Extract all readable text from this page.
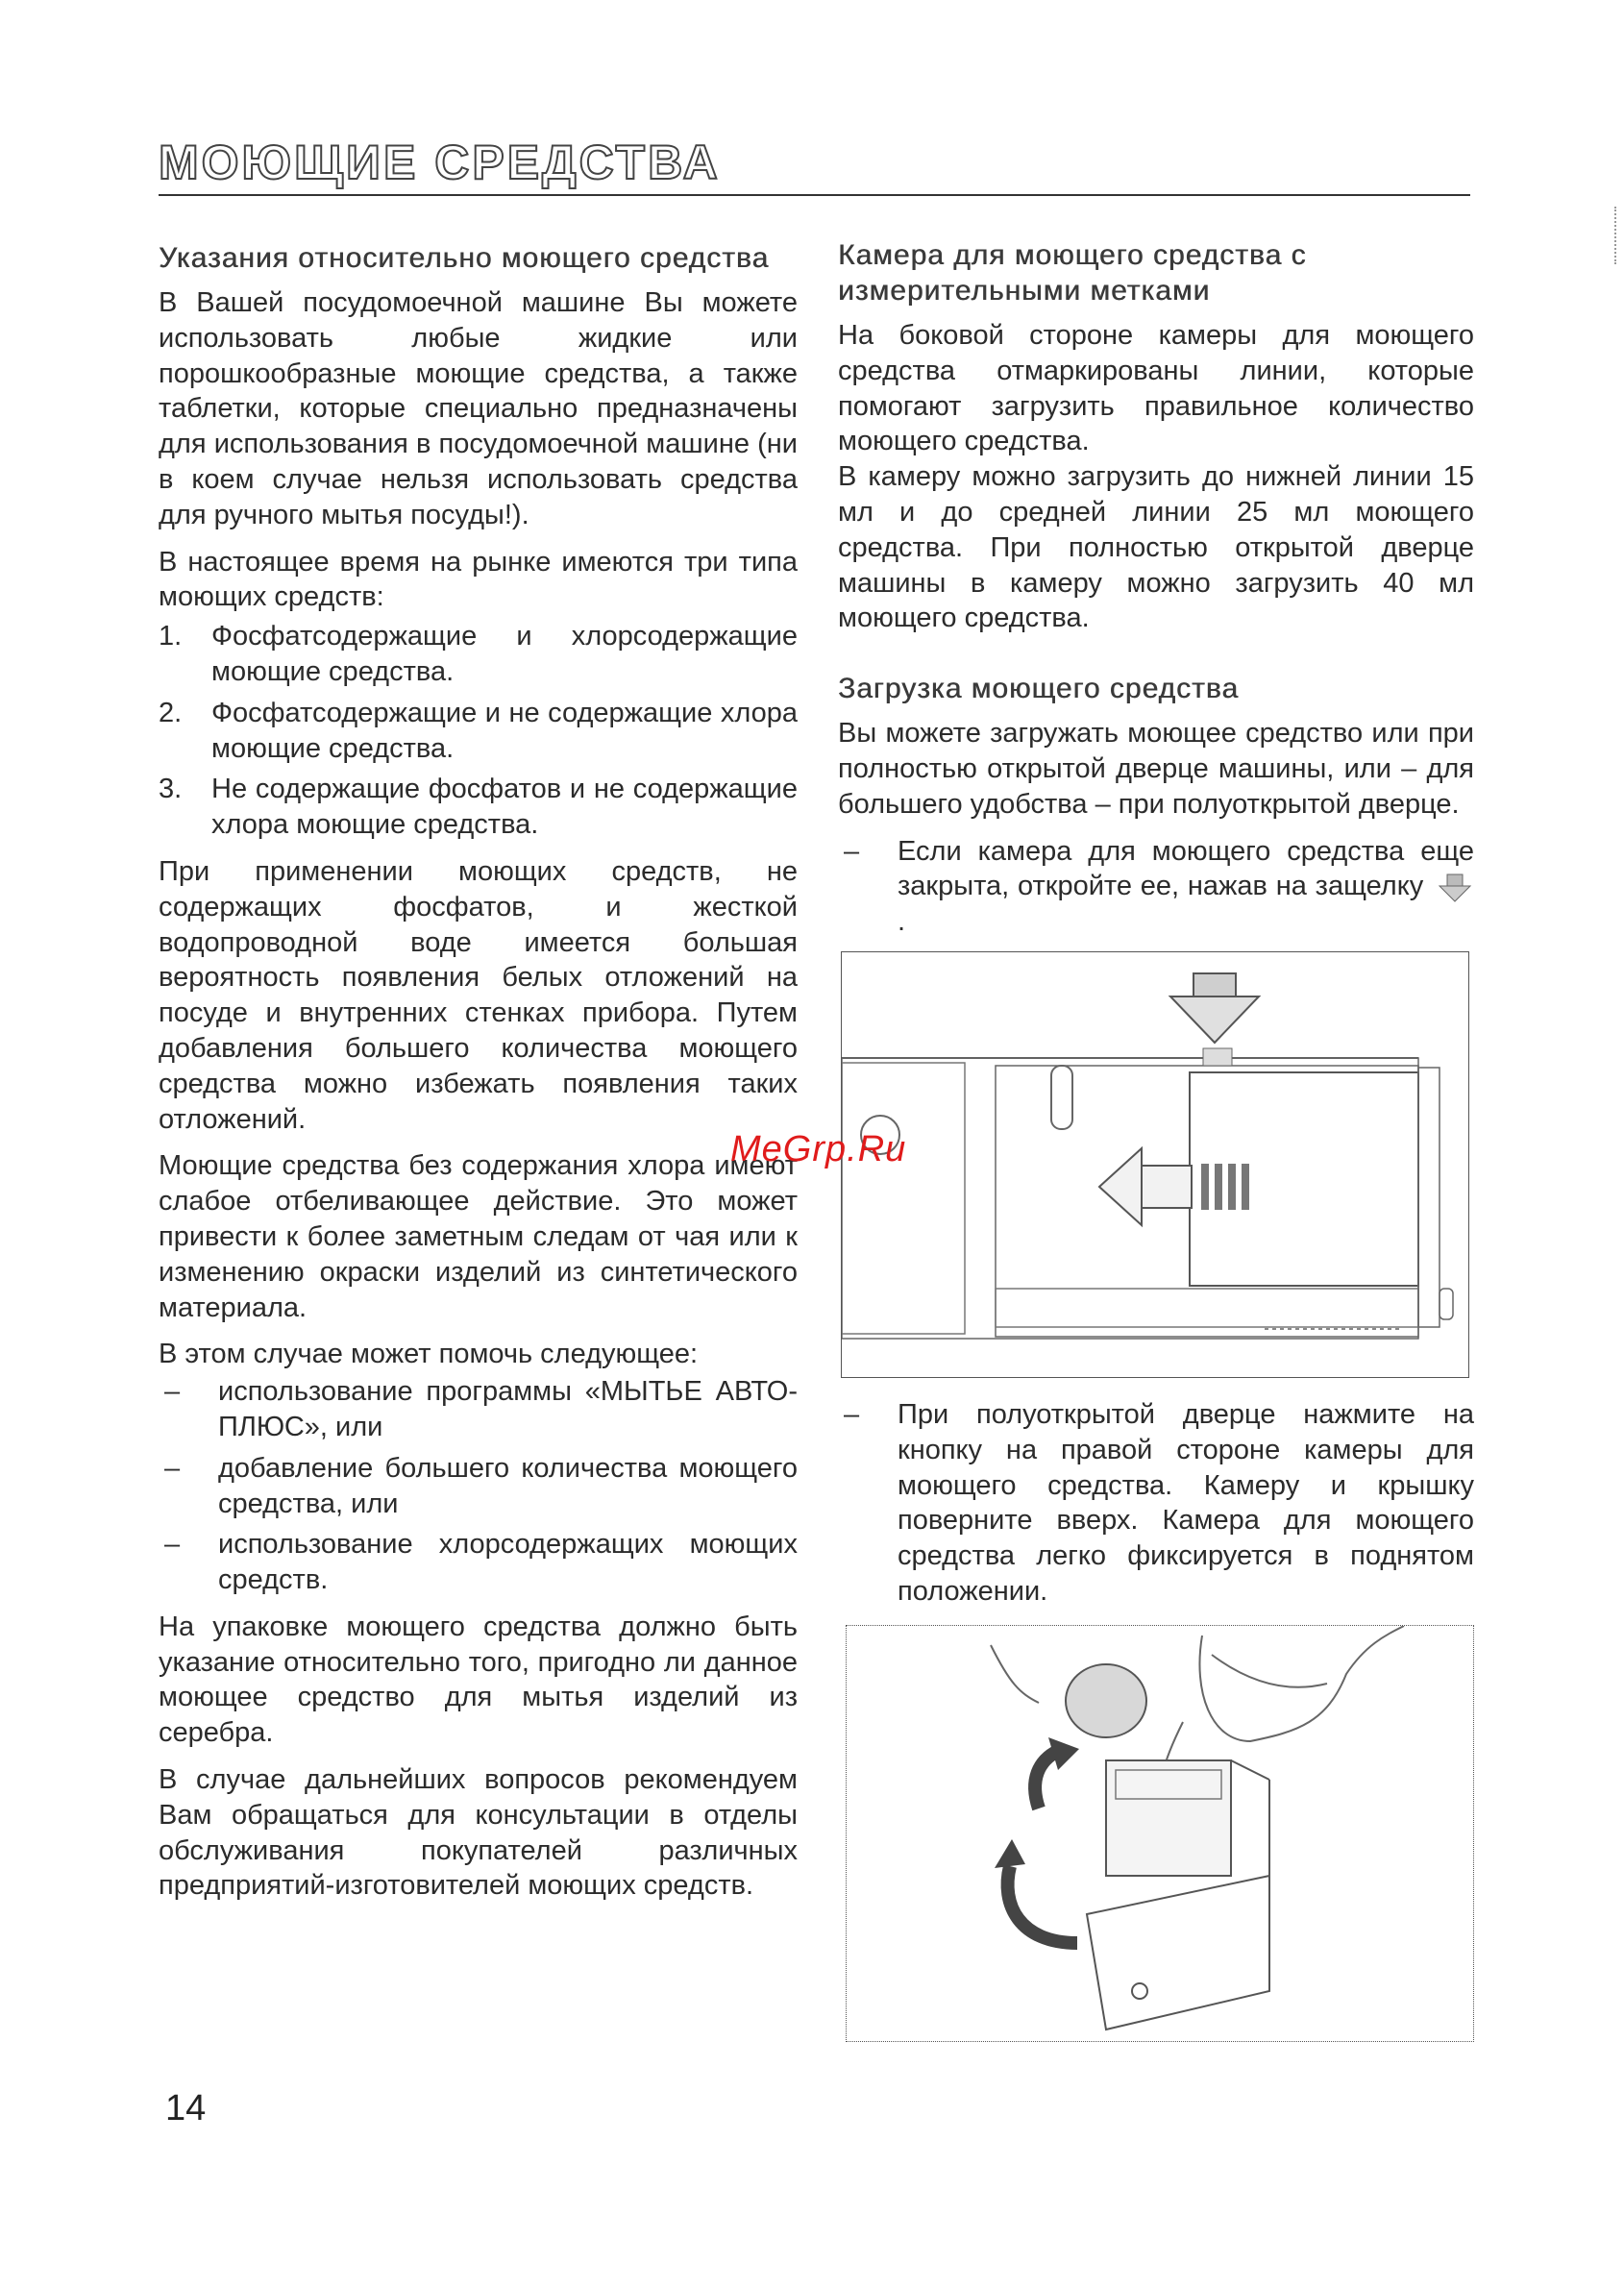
МОЮЩИЕ СРЕДСТВА
Указания относительно моющего средства

В Вашей посудомоечной машине Вы можете использовать любые жидкие или порошкообразные моющие средства, а также таблетки, которые специально предназначены для использования в посудомоечной машине (ни в коем случае нельзя использовать средства для ручного мытья посуды!).

В настоящее время на рынке имеются три типа моющих средств:

1. Фосфатсодержащие и хлорсодержащие моющие средства.
2. Фосфатсодержащие и не содержащие хлора моющие средства.
3. Не содержащие фосфатов и не содержащие хлора моющие средства.

При применении моющих средств, не содержащих фосфатов, и жесткой водопроводной воде имеется большая вероятность появления белых отложений на посуде и внутренних стенках прибора. Путем добавления большего количества моющего средства можно избежать появления таких отложений.

Моющие средства без содержания хлора имеют слабое отбеливающее действие. Это может привести к более заметным следам от чая или к изменению окраски изделий из синтетического материала.

В этом случае может помочь следующее:

– использование программы «МЫТЬЕ АВТО-ПЛЮС», или
– добавление большего количества моющего средства, или
– использование хлорсодержащих моющих средств.

На упаковке моющего средства должно быть указание относительно того, пригодно ли данное моющее средство для мытья изделий из серебра.

В случае дальнейших вопросов рекомендуем Вам обращаться для консультации в отделы обслуживания покупателей различных предприятий-изготовителей моющих средств.

Камера для моющего средства с измерительными метками

На боковой стороне камеры для моющего средства отмаркированы линии, которые помогают загрузить правильное количество моющего средства.

В камеру можно загрузить до нижней линии 15 мл и до средней линии 25 мл моющего средства. При полностью открытой дверце машины в камеру можно загрузить 40 мл моющего средства.

Загрузка моющего средства

Вы можете загружать моющее средство или при полностью открытой дверце машины, или – для большего удобства – при полуоткрытой дверце.

– Если камера для моющего средства еще закрыта, откройте ее, нажав на защелку .
– При полуоткрытой дверце нажмите на кнопку на правой стороне камеры для моющего средства. Камеру и крышку поверните вверх. Камера для моющего средства легко фиксируется в поднятом положении.
MeGrp.Ru
14
